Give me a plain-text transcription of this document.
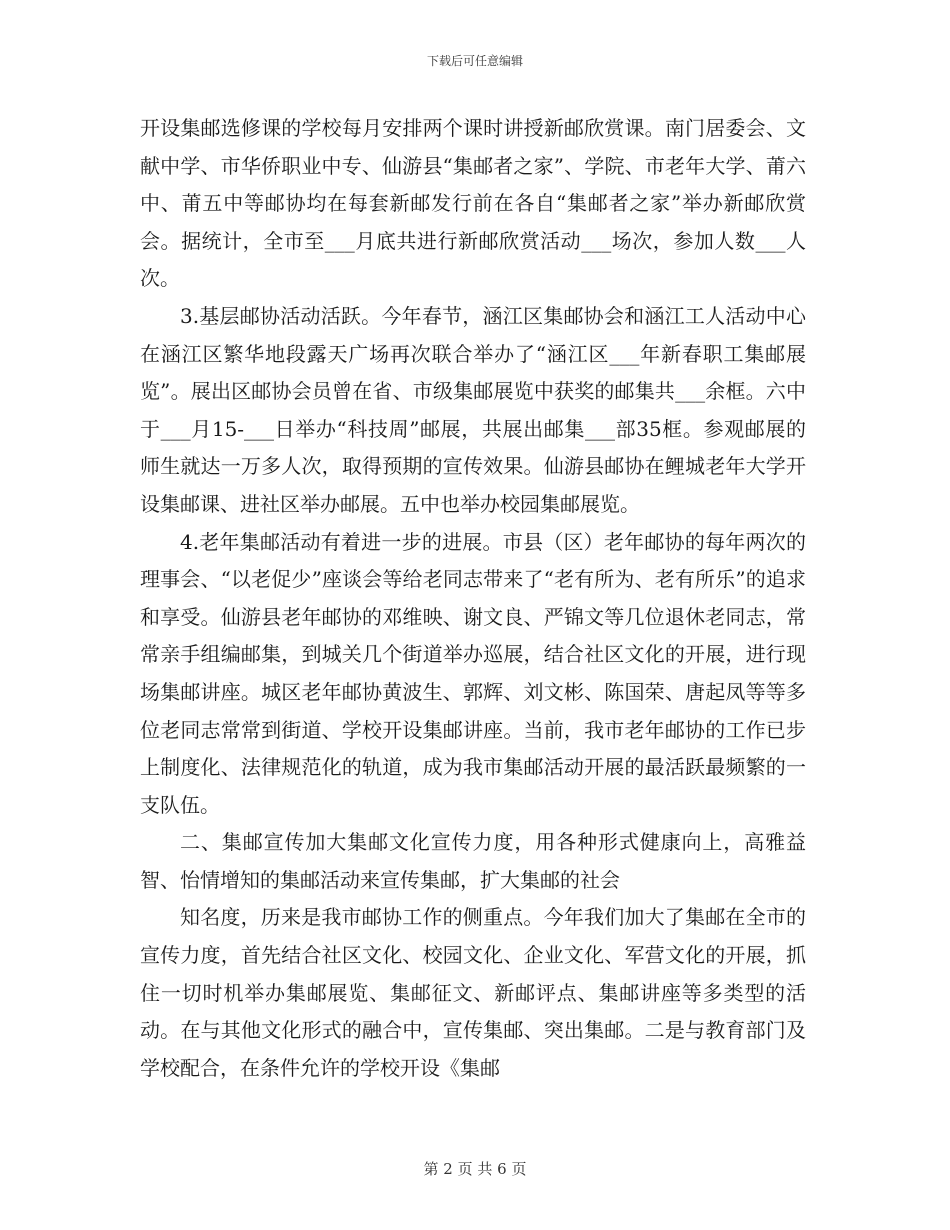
下载后可任意编辑

开设集邮选修课的学校每月安排两个课时讲授新邮欣赏课。南门居委会、文献中学、市华侨职业中专、仙游县“集邮者之家”、学院、市老年大学、莆六中、莆五中等邮协均在每套新邮发行前在各自“集邮者之家”举办新邮欣赏会。据统计，全市至___月底共进行新邮欣赏活动___场次，参加人数___人次。

3.基层邮协活动活跃。今年春节，涵江区集邮协会和涵江工人活动中心在涵江区繁华地段露天广场再次联合举办了“涵江区___年新春职工集邮展览”。展出区邮协会员曾在省、市级集邮展览中获奖的邮集共___余框。六中于___月15-___日举办“科技周”邮展，共展出邮集___部35框。参观邮展的师生就达一万多人次，取得预期的宣传效果。仙游县邮协在鲤城老年大学开设集邮课、进社区举办邮展。五中也举办校园集邮展览。

4.老年集邮活动有着进一步的进展。市县（区）老年邮协的每年两次的理事会、“以老促少”座谈会等给老同志带来了“老有所为、老有所乐”的追求和享受。仙游县老年邮协的邓维映、谢文良、严锦文等几位退休老同志，常常亲手组编邮集，到城关几个街道举办巡展，结合社区文化的开展，进行现场集邮讲座。城区老年邮协黄波生、郭辉、刘文彬、陈国荣、唐起凤等等多位老同志常常到街道、学校开设集邮讲座。当前，我市老年邮协的工作已步上制度化、法律规范化的轨道，成为我市集邮活动开展的最活跃最频繁的一支队伍。

二、集邮宣传加大集邮文化宣传力度，用各种形式健康向上，高雅益智、怡情增知的集邮活动来宣传集邮，扩大集邮的社会

知名度，历来是我市邮协工作的侧重点。今年我们加大了集邮在全市的宣传力度，首先结合社区文化、校园文化、企业文化、军营文化的开展，抓住一切时机举办集邮展览、集邮征文、新邮评点、集邮讲座等多类型的活动。在与其他文化形式的融合中，宣传集邮、突出集邮。二是与教育部门及学校配合，在条件允许的学校开设《集邮

第 2 页 共 6 页
